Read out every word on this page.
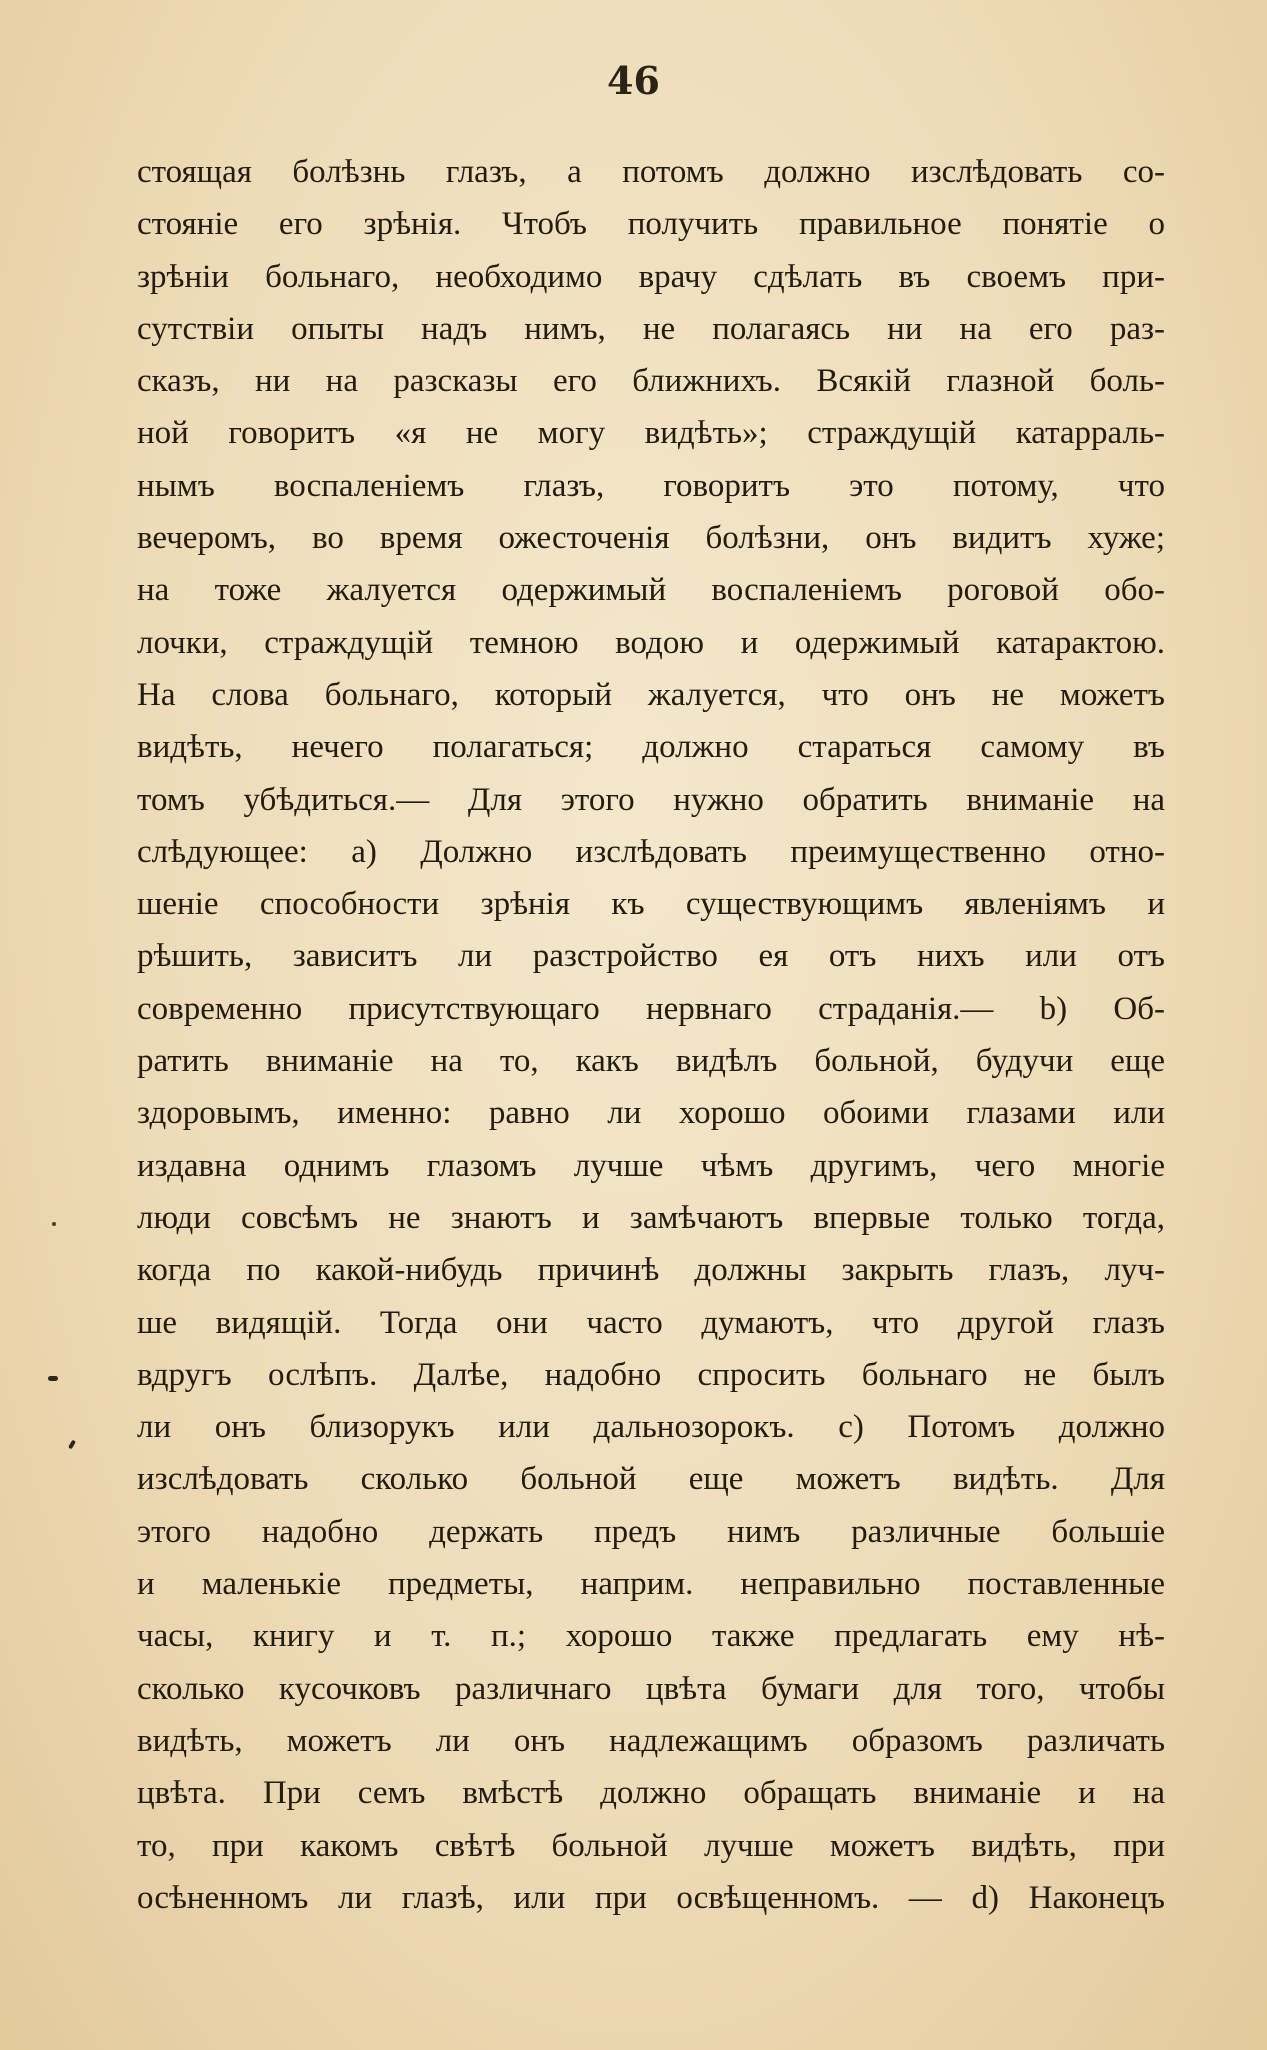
46
стоящая болѣзнь глазъ, а потомъ должно изслѣдовать со-
стояніе его зрѣнія. Чтобъ получить правильное понятіе о
зрѣніи больнаго, необходимо врачу сдѣлать въ своемъ при-
сутствіи опыты надъ нимъ, не полагаясь ни на его раз-
сказъ, ни на разсказы его ближнихъ. Всякій глазной боль-
ной говоритъ «я не могу видѣть»; страждущій катарраль-
нымъ воспаленіемъ глазъ, говоритъ это потому, что
вечеромъ, во время ожесточенія болѣзни, онъ видитъ хуже;
на тоже жалуется одержимый воспаленіемъ роговой обо-
лочки, страждущій темною водою и одержимый катарактою.
На слова больнаго, который жалуется, что онъ не можетъ
видѣть, нечего полагаться; должно стараться самому въ
томъ убѣдиться.— Для этого нужно обратить вниманіе на
слѣдующее: a) Должно изслѣдовать преимущественно отно-
шеніе способности зрѣнія къ существующимъ явленіямъ и
рѣшить, зависитъ ли разстройство ея отъ нихъ или отъ
современно присутствующаго нервнаго страданія.— b) Об-
ратить вниманіе на то, какъ видѣлъ больной, будучи еще
здоровымъ, именно: равно ли хорошо обоими глазами или
издавна однимъ глазомъ лучше чѣмъ другимъ, чего многіе
люди совсѣмъ не знаютъ и замѣчаютъ впервые только тогда,
когда по какой-нибудь причинѣ должны закрыть глазъ, луч-
ше видящій. Тогда они часто думаютъ, что другой глазъ
вдругъ ослѣпъ. Далѣе, надобно спросить больнаго не былъ
ли онъ близорукъ или дальнозорокъ. c) Потомъ должно
изслѣдовать сколько больной еще можетъ видѣть. Для
этого надобно держать предъ нимъ различные большіе
и маленькіе предметы, наприм. неправильно поставленные
часы, книгу и т. п.; хорошо также предлагать ему нѣ-
сколько кусочковъ различнаго цвѣта бумаги для того, чтобы
видѣть, можетъ ли онъ надлежащимъ образомъ различать
цвѣта. При семъ вмѣстѣ должно обращать вниманіе и на
то, при какомъ свѣтѣ больной лучше можетъ видѣть, при
осѣненномъ ли глазѣ, или при освѣщенномъ. — d) Наконецъ
